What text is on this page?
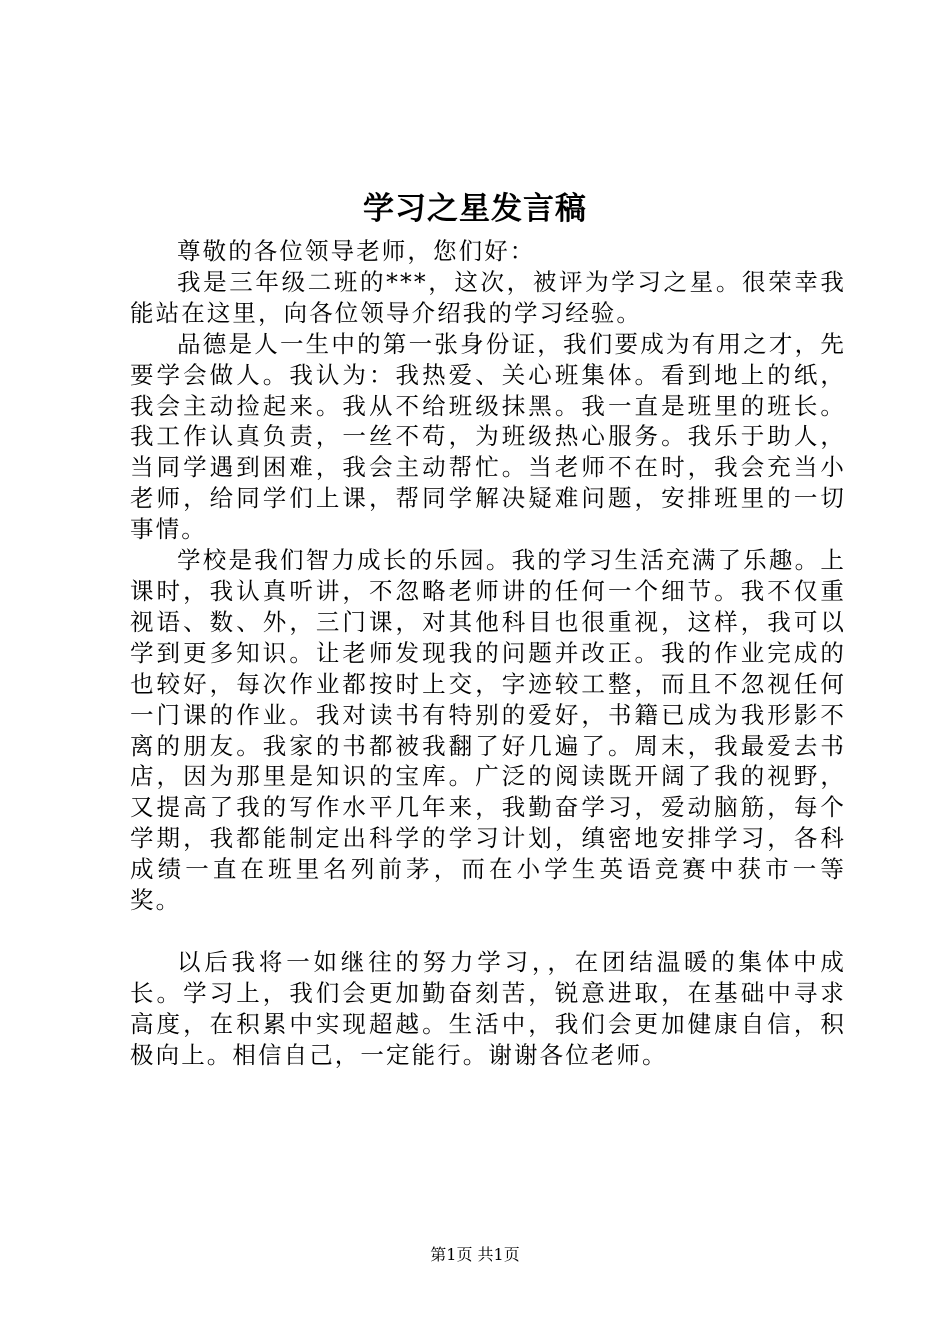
学习之星发言稿

尊敬的各位领导老师，您们好：

我是三年级二班的***，这次，被评为学习之星。很荣幸我能站在这里，向各位领导介绍我的学习经验。

品德是人一生中的第一张身份证，我们要成为有用之才，先要学会做人。我认为：我热爱、关心班集体。看到地上的纸，我会主动捡起来。我从不给班级抹黑。我一直是班里的班长。我工作认真负责，一丝不苟，为班级热心服务。我乐于助人，当同学遇到困难，我会主动帮忙。当老师不在时，我会充当小老师，给同学们上课，帮同学解决疑难问题，安排班里的一切事情。

学校是我们智力成长的乐园。我的学习生活充满了乐趣。上课时，我认真听讲，不忽略老师讲的任何一个细节。我不仅重视语、数、外，三门课，对其他科目也很重视，这样，我可以学到更多知识。让老师发现我的问题并改正。我的作业完成的也较好，每次作业都按时上交，字迹较工整，而且不忽视任何一门课的作业。我对读书有特别的爱好，书籍已成为我形影不离的朋友。我家的书都被我翻了好几遍了。周末，我最爱去书店，因为那里是知识的宝库。广泛的阅读既开阔了我的视野，又提高了我的写作水平几年来，我勤奋学习，爱动脑筋，每个学期，我都能制定出科学的学习计划，缜密地安排学习，各科成绩一直在班里名列前茅，而在小学生英语竞赛中获市一等奖。

以后我将一如继往的努力学习，，在团结温暖的集体中成长。学习上，我们会更加勤奋刻苦，锐意进取，在基础中寻求高度，在积累中实现超越。生活中，我们会更加健康自信，积极向上。相信自己，一定能行。谢谢各位老师。

第1页 共1页
